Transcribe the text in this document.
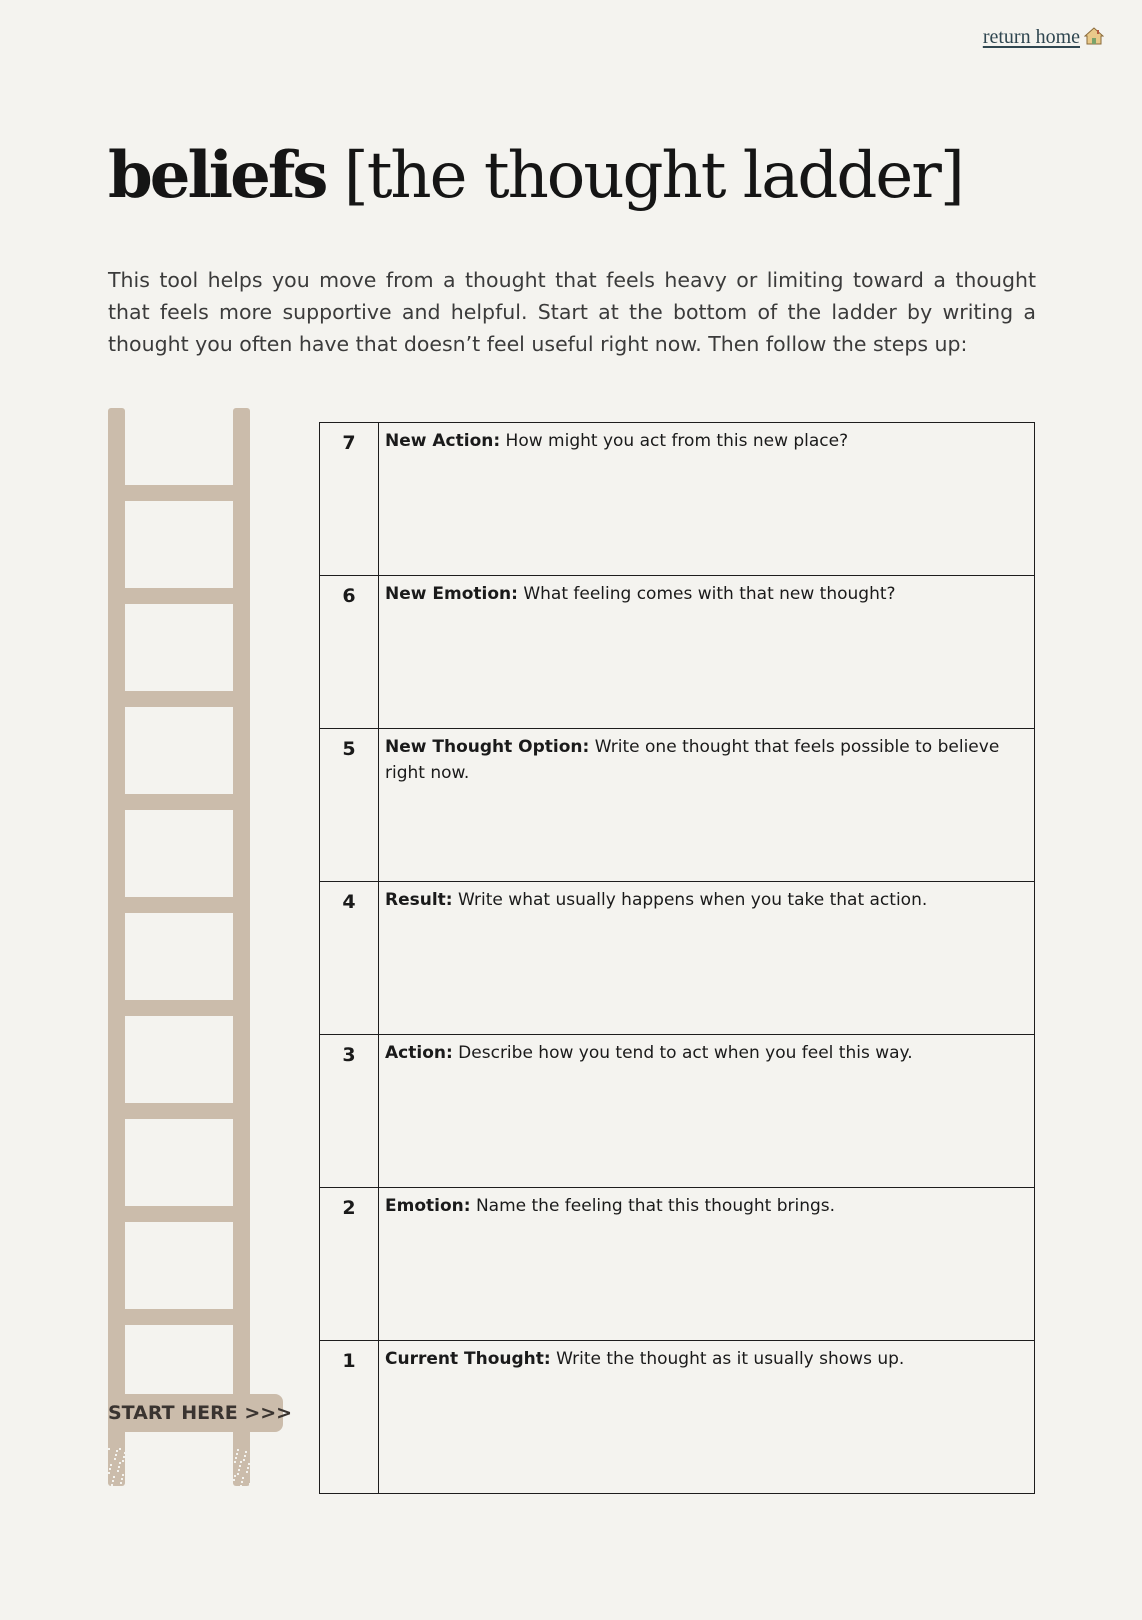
return home
beliefs [the thought ladder]

This tool helps you move from a thought that feels heavy or limiting toward a thought that feels more supportive and helpful. Start at the bottom of the ladder by writing a thought you often have that doesn’t feel useful right now. Then follow the steps up:

START HERE >>>
7	New Action: How might you act from this new place?
6	New Emotion: What feeling comes with that new thought?
5	New Thought Option: Write one thought that feels possible to believe right now.
4	Result: Write what usually happens when you take that action.
3	Action: Describe how you tend to act when you feel this way.
2	Emotion: Name the feeling that this thought brings.
1	Current Thought: Write the thought as it usually shows up.
